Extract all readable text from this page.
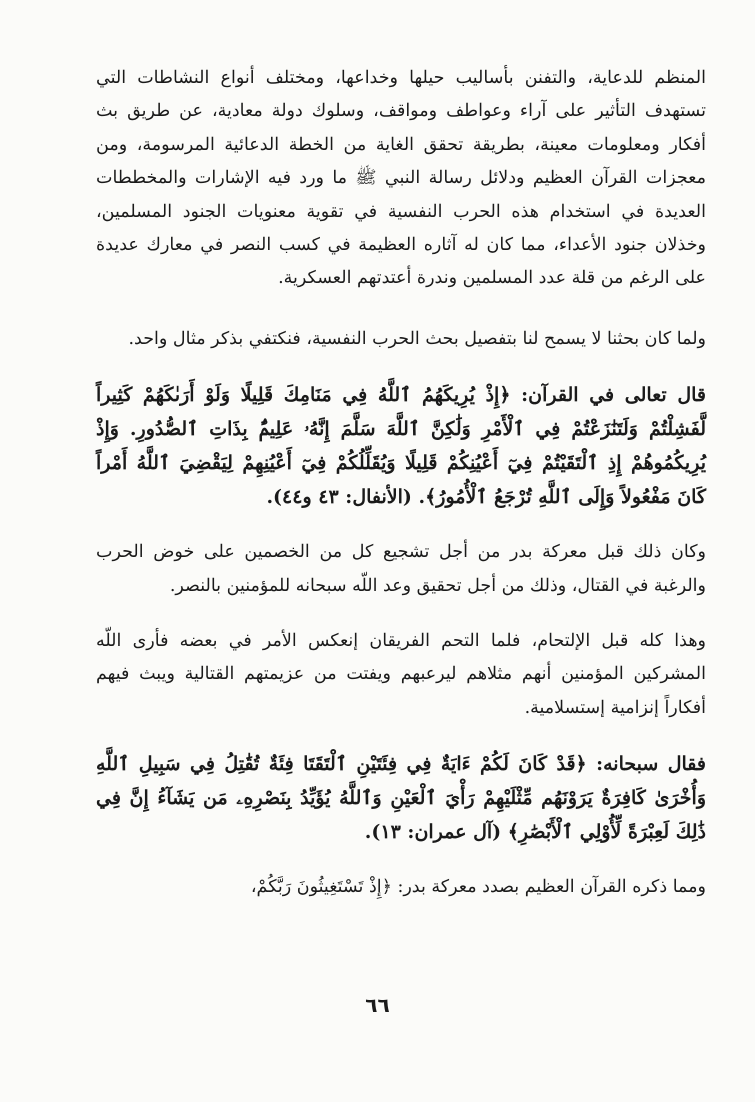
المنظم للدعاية، والتفنن بأساليب حيلها وخداعها، ومختلف أنواع النشاطات التي تستهدف التأثير على آراء وعواطف ومواقف، وسلوك دولة معادية، عن طريق بث أفكار ومعلومات معينة، بطريقة تحقق الغاية من الخطة الدعائية المرسومة، ومن معجزات القرآن العظيم ودلائل رسالة النبي ﷺ ما ورد فيه الإشارات والمخططات العديدة في استخدام هذه الحرب النفسية في تقوية معنويات الجنود المسلمين، وخذلان جنود الأعداء، مما كان له آثاره العظيمة في كسب النصر في معارك عديدة على الرغم من قلة عدد المسلمين وندرة أعتدتهم العسكرية.

ولما كان بحثنا لا يسمح لنا بتفصيل بحث الحرب النفسية، فنكتفي بذكر مثال واحد.

قال تعالى في القرآن: ﴿إِذْ يُرِيكَهُمُ ٱللَّهُ فِي مَنَامِكَ قَلِيلًا وَلَوْ أَرَىٰكَهُمْ كَثِيراً لَّفَشِلْتُمْ وَلَتَنَٰزَعْتُمْ فِي ٱلْأَمْرِ وَلَٰكِنَّ ٱللَّهَ سَلَّمَ إِنَّهُۥ عَلِيمٌۢ بِذَاتِ ٱلصُّدُورِ. وَإِذْ يُرِيكُمُوهُمْ إِذِ ٱلْتَقَيْتُمْ فِيٓ أَعْيُنِكُمْ قَلِيلًا وَيُقَلِّلُكُمْ فِيٓ أَعْيُنِهِمْ لِيَقْضِيَ ٱللَّهُ أَمْراً كَانَ مَفْعُولاً وَإِلَى ٱللَّهِ تُرْجَعُ ٱلْأُمُورُ﴾. (الأنفال: ٤٣ و٤٤).

وكان ذلك قبل معركة بدر من أجل تشجيع كل من الخصمين على خوض الحرب والرغبة في القتال، وذلك من أجل تحقيق وعد اللّه سبحانه للمؤمنين بالنصر.

وهذا كله قبل الإلتحام، فلما التحم الفريقان إنعكس الأمر في بعضه فأرى اللّه المشركين المؤمنين أنهم مثلاهم ليرعبهم ويفتت من عزيمتهم القتالية ويبث فيهم أفكاراً إنزامية إستسلامية.

فقال سبحانه: ﴿قَدْ كَانَ لَكُمْ ءَايَةٌ فِي فِئَتَيْنِ ٱلْتَقَتَا فِئَةٌ تُقَٰتِلُ فِي سَبِيلِ ٱللَّهِ وَأُخْرَىٰ كَافِرَةٌ يَرَوْنَهُم مِّثْلَيْهِمْ رَأْيَ ٱلْعَيْنِ وَٱللَّهُ يُؤَيِّدُ بِنَصْرِهِۦ مَن يَشَآءُ إِنَّ فِي ذَٰلِكَ لَعِبْرَةً لِّأُوْلِي ٱلْأَبْصَٰرِ﴾ (آل عمران: ١٣).

ومما ذكره القرآن العظيم بصدد معركة بدر: ﴿إِذْ تَسْتَغِيثُونَ رَبَّكُمْ،

٦٦
